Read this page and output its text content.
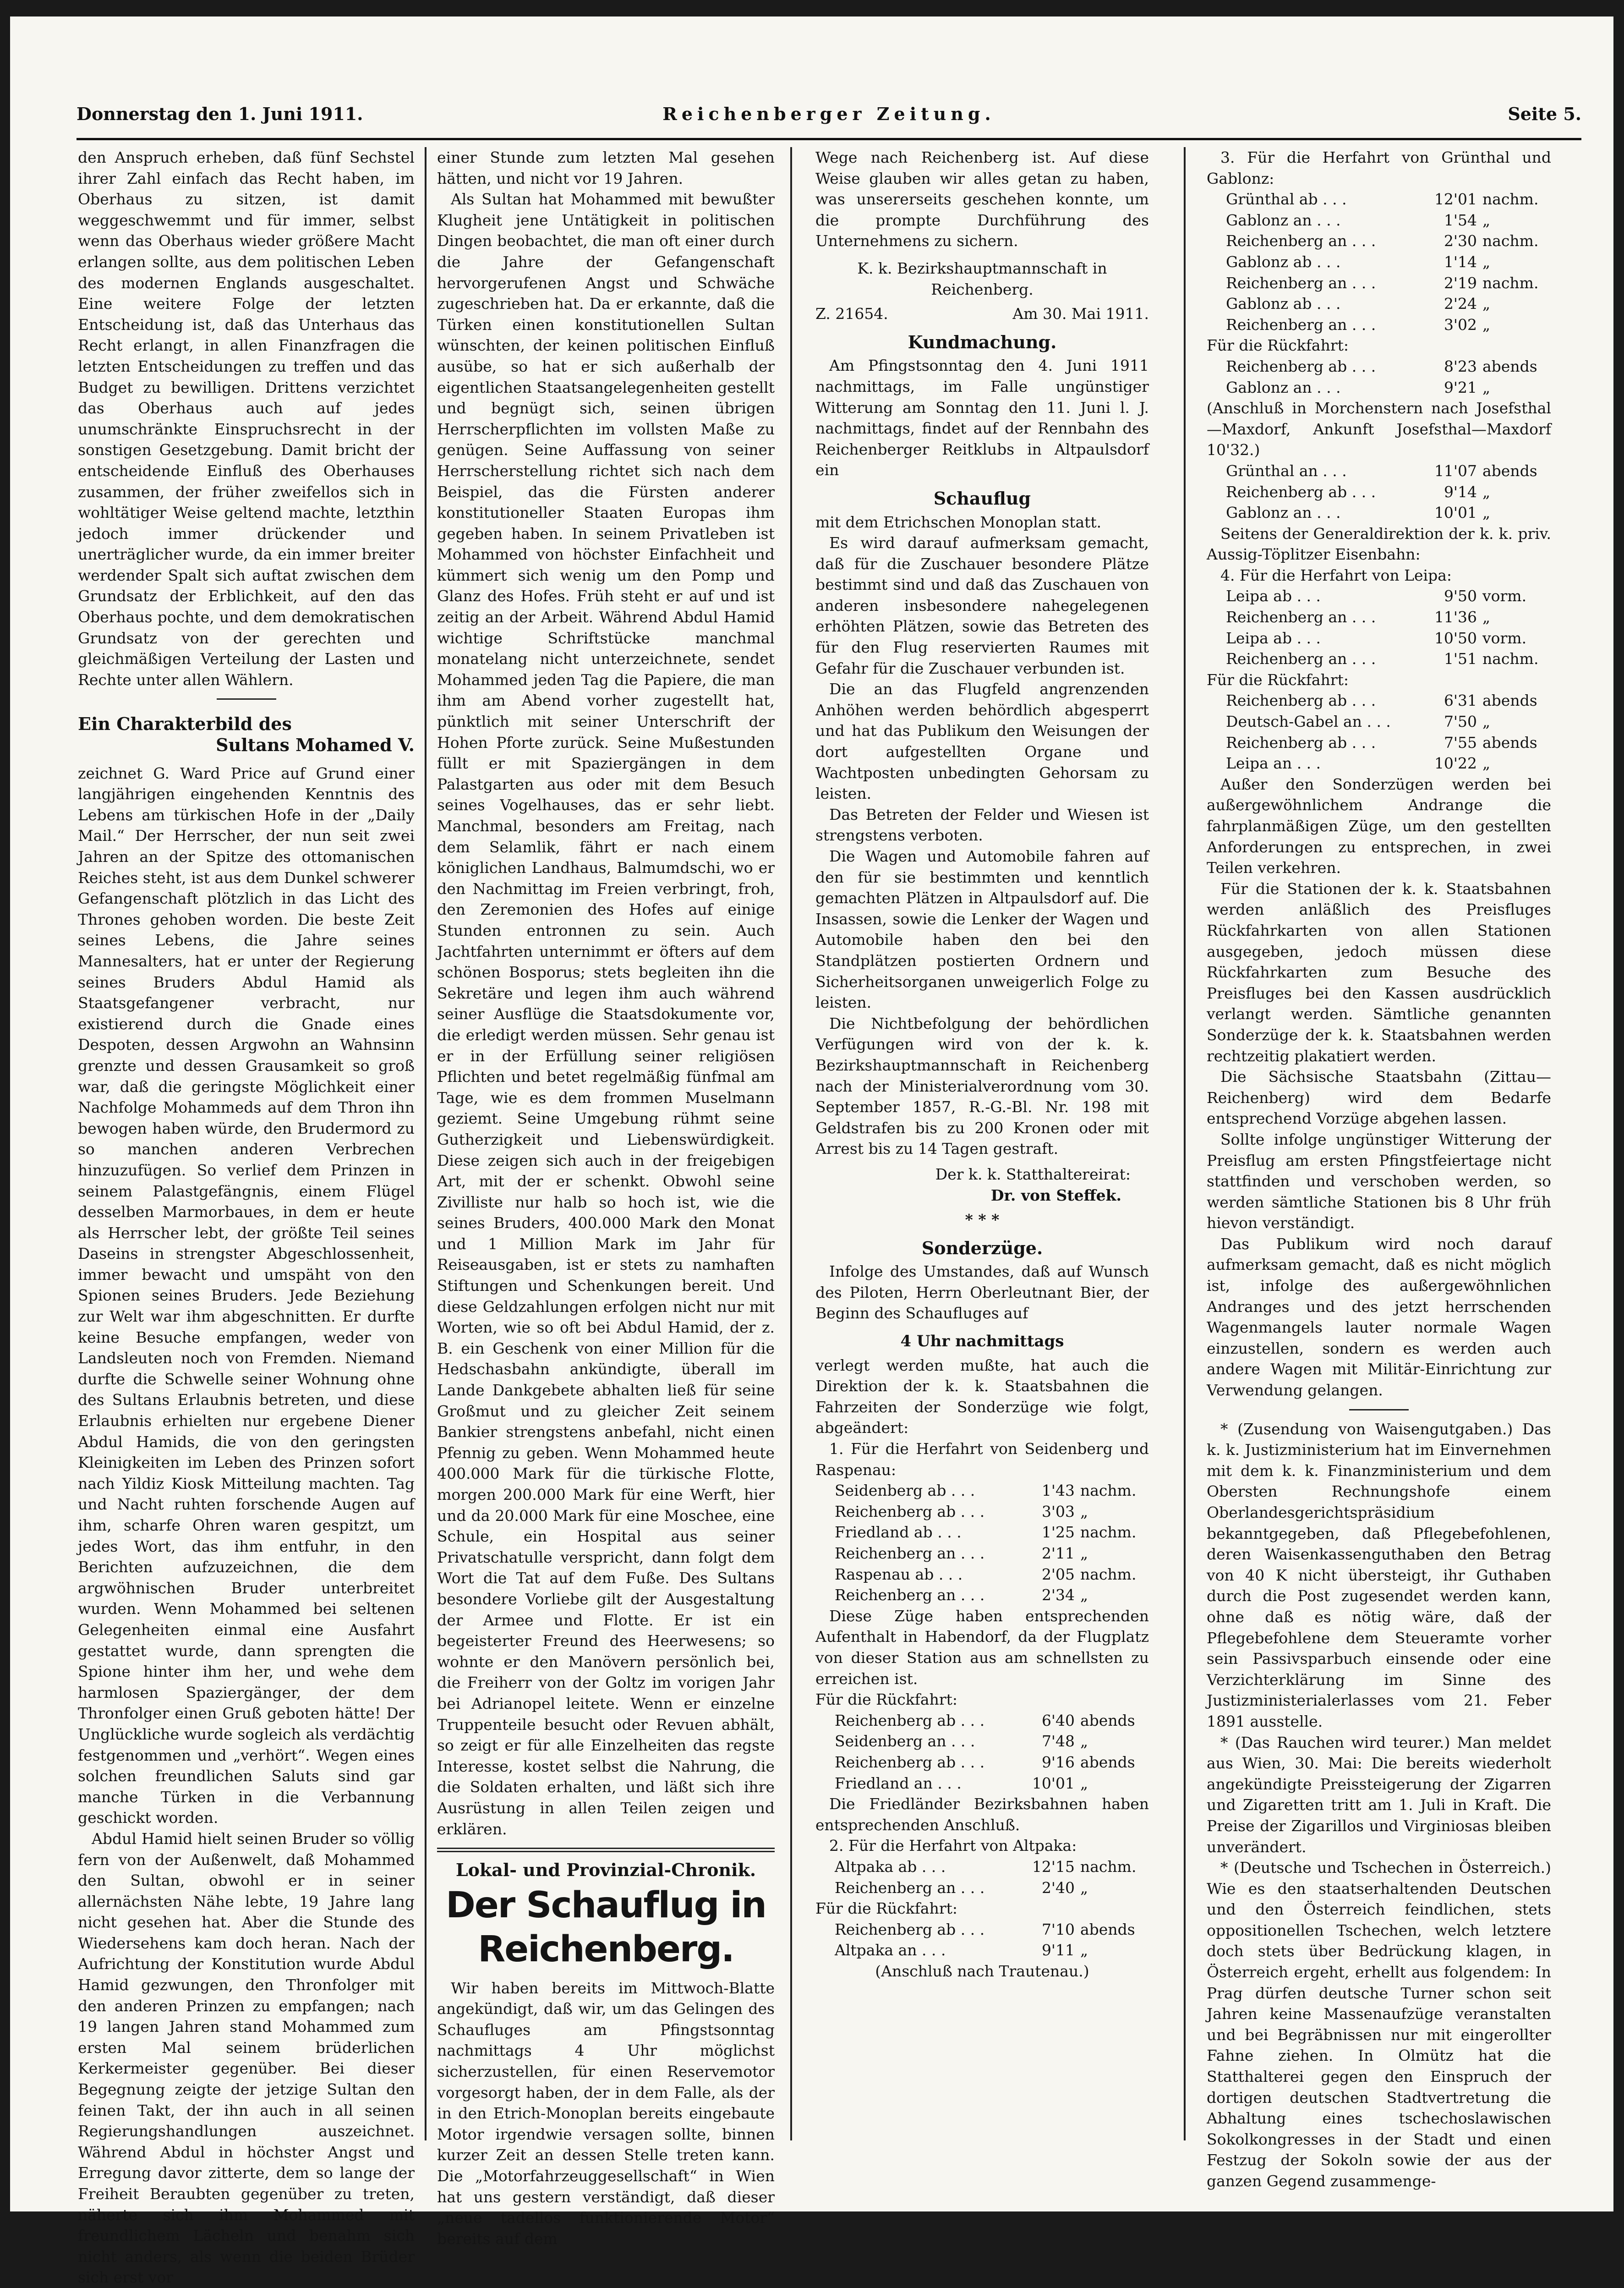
Donnerstag den 1. Juni 1911.	Reichenberger Zeitung.	Seite 5.

den Anspruch erheben, daß fünf Sechstel ihrer Zahl einfach das Recht haben, im Oberhaus zu sitzen, ist damit weggeschwemmt und für immer, selbst wenn das Oberhaus wieder größere Macht erlangen sollte, aus dem politischen Leben des modernen Englands ausgeschaltet. Eine weitere Folge der letzten Entscheidung ist, daß das Unterhaus das Recht erlangt, in allen Finanzfragen die letzten Entscheidungen zu treffen und das Budget zu bewilligen. Drittens verzichtet das Oberhaus auch auf jedes unumschränkte Einspruchsrecht in der sonstigen Gesetzgebung. Damit bricht der entscheidende Einfluß des Oberhauses zusammen, der früher zweifellos sich in wohltätiger Weise geltend machte, letzthin jedoch immer drückender und unerträglicher wurde, da ein immer breiter werdender Spalt sich auftat zwischen dem Grundsatz der Erblichkeit, auf den das Oberhaus pochte, und dem demokratischen Grundsatz von der gerechten und gleichmäßigen Verteilung der Lasten und Rechte unter allen Wählern.

Ein Charakterbild des

Sultans Mohamed V.

zeichnet G. Ward Price auf Grund einer langjährigen eingehenden Kenntnis des Lebens am türkischen Hofe in der „Daily Mail.“ Der Herrscher, der nun seit zwei Jahren an der Spitze des ottomanischen Reiches steht, ist aus dem Dunkel schwerer Gefangenschaft plötzlich in das Licht des Thrones gehoben worden. Die beste Zeit seines Lebens, die Jahre seines Mannesalters, hat er unter der Regierung seines Bruders Abdul Hamid als Staatsgefangener verbracht, nur existierend durch die Gnade eines Despoten, dessen Argwohn an Wahnsinn grenzte und dessen Grausamkeit so groß war, daß die geringste Möglichkeit einer Nachfolge Mohammeds auf dem Thron ihn bewogen haben würde, den Brudermord zu so manchen anderen Verbrechen hinzuzufügen. So verlief dem Prinzen in seinem Palastgefängnis, einem Flügel desselben Marmorbaues, in dem er heute als Herrscher lebt, der größte Teil seines Daseins in strengster Abgeschlossenheit, immer bewacht und umspäht von den Spionen seines Bruders. Jede Beziehung zur Welt war ihm abgeschnitten. Er durfte keine Besuche empfangen, weder von Landsleuten noch von Fremden. Niemand durfte die Schwelle seiner Wohnung ohne des Sultans Erlaubnis betreten, und diese Erlaubnis erhielten nur ergebene Diener Abdul Hamids, die von den geringsten Kleinigkeiten im Leben des Prinzen sofort nach Yildiz Kiosk Mitteilung machten. Tag und Nacht ruhten forschende Augen auf ihm, scharfe Ohren waren gespitzt, um jedes Wort, das ihm entfuhr, in den Berichten aufzuzeichnen, die dem argwöhnischen Bruder unterbreitet wurden. Wenn Mohammed bei seltenen Gelegenheiten einmal eine Ausfahrt gestattet wurde, dann sprengten die Spione hinter ihm her, und wehe dem harmlosen Spaziergänger, der dem Thronfolger einen Gruß geboten hätte! Der Unglückliche wurde sogleich als verdächtig festgenommen und „verhört“. Wegen eines solchen freundlichen Saluts sind gar manche Türken in die Verbannung geschickt worden.

Abdul Hamid hielt seinen Bruder so völlig fern von der Außenwelt, daß Mohammed den Sultan, obwohl er in seiner allernächsten Nähe lebte, 19 Jahre lang nicht gesehen hat. Aber die Stunde des Wiedersehens kam doch heran. Nach der Aufrichtung der Konstitution wurde Abdul Hamid gezwungen, den Thronfolger mit den anderen Prinzen zu empfangen; nach 19 langen Jahren stand Mohammed zum ersten Mal seinem brüderlichen Kerkermeister gegenüber. Bei dieser Begegnung zeigte der jetzige Sultan den feinen Takt, der ihn auch in all seinen Regierungshandlungen auszeichnet. Während Abdul in höchster Angst und Erregung davor zitterte, dem so lange der Freiheit Beraubten gegenüber zu treten, näherte sich ihm Mohammed mit freundlichem Lächeln und benahm sich nicht anders, als wenn die beiden Brüder sich erst vor

einer Stunde zum letzten Mal gesehen hätten, und nicht vor 19 Jahren.

Als Sultan hat Mohammed mit bewußter Klugheit jene Untätigkeit in politischen Dingen beobachtet, die man oft einer durch die Jahre der Gefangenschaft hervorgerufenen Angst und Schwäche zugeschrieben hat. Da er erkannte, daß die Türken einen konstitutionellen Sultan wünschten, der keinen politischen Einfluß ausübe, so hat er sich außerhalb der eigentlichen Staatsangelegenheiten gestellt und begnügt sich, seinen übrigen Herrscherpflichten im vollsten Maße zu genügen. Seine Auffassung von seiner Herrscherstellung richtet sich nach dem Beispiel, das die Fürsten anderer konstitutioneller Staaten Europas ihm gegeben haben. In seinem Privatleben ist Mohammed von höchster Einfachheit und kümmert sich wenig um den Pomp und Glanz des Hofes. Früh steht er auf und ist zeitig an der Arbeit. Während Abdul Hamid wichtige Schriftstücke manchmal monatelang nicht unterzeichnete, sendet Mohammed jeden Tag die Papiere, die man ihm am Abend vorher zugestellt hat, pünktlich mit seiner Unterschrift der Hohen Pforte zurück. Seine Mußestunden füllt er mit Spaziergängen in dem Palastgarten aus oder mit dem Besuch seines Vogelhauses, das er sehr liebt. Manchmal, besonders am Freitag, nach dem Selamlik, fährt er nach einem königlichen Landhaus, Balmumdschi, wo er den Nachmittag im Freien verbringt, froh, den Zeremonien des Hofes auf einige Stunden entronnen zu sein. Auch Jachtfahrten unternimmt er öfters auf dem schönen Bosporus; stets begleiten ihn die Sekretäre und legen ihm auch während seiner Ausflüge die Staatsdokumente vor, die erledigt werden müssen. Sehr genau ist er in der Erfüllung seiner religiösen Pflichten und betet regelmäßig fünfmal am Tage, wie es dem frommen Muselmann geziemt. Seine Umgebung rühmt seine Gutherzigkeit und Liebenswürdigkeit. Diese zeigen sich auch in der freigebigen Art, mit der er schenkt. Obwohl seine Zivilliste nur halb so hoch ist, wie die seines Bruders, 400.000 Mark den Monat und 1 Million Mark im Jahr für Reiseausgaben, ist er stets zu namhaften Stiftungen und Schenkungen bereit. Und diese Geldzahlungen erfolgen nicht nur mit Worten, wie so oft bei Abdul Hamid, der z. B. ein Geschenk von einer Million für die Hedschasbahn ankündigte, überall im Lande Dankgebete abhalten ließ für seine Großmut und zu gleicher Zeit seinem Bankier strengstens anbefahl, nicht einen Pfennig zu geben. Wenn Mohammed heute 400.000 Mark für die türkische Flotte, morgen 200.000 Mark für eine Werft, hier und da 20.000 Mark für eine Moschee, eine Schule, ein Hospital aus seiner Privatschatulle verspricht, dann folgt dem Wort die Tat auf dem Fuße. Des Sultans besondere Vorliebe gilt der Ausgestaltung der Armee und Flotte. Er ist ein begeisterter Freund des Heerwesens; so wohnte er den Manövern persönlich bei, die Freiherr von der Goltz im vorigen Jahr bei Adrianopel leitete. Wenn er einzelne Truppenteile besucht oder Revuen abhält, so zeigt er für alle Einzelheiten das regste Interesse, kostet selbst die Nahrung, die die Soldaten erhalten, und läßt sich ihre Ausrüstung in allen Teilen zeigen und erklären.

Lokal- und Provinzial-Chronik.

Der Schauflug in Reichenberg.

Wir haben bereits im Mittwoch-Blatte angekündigt, daß wir, um das Gelingen des Schaufluges am Pfingstsonntag nachmittags 4 Uhr möglichst sicherzustellen, für einen Reservemotor vorgesorgt haben, der in dem Falle, als der in den Etrich-Monoplan bereits eingebaute Motor irgendwie versagen sollte, binnen kurzer Zeit an dessen Stelle treten kann. Die „Motorfahrzeuggesellschaft“ in Wien hat uns gestern verständigt, daß dieser „neue tadellos funktionierende Motor“ bereits auf dem

Wege nach Reichenberg ist. Auf diese Weise glauben wir alles getan zu haben, was unsererseits geschehen konnte, um die prompte Durchführung des Unternehmens zu sichern.

K. k. Bezirkshauptmannschaft in Reichenberg.

Z. 21654.	Am 30. Mai 1911.

Kundmachung.

Am Pfingstsonntag den 4. Juni 1911 nachmittags, im Falle ungünstiger Witterung am Sonntag den 11. Juni l. J. nachmittags, findet auf der Rennbahn des Reichenberger Reitklubs in Altpaulsdorf ein

Schauflug

mit dem Etrichschen Monoplan statt.

Es wird darauf aufmerksam gemacht, daß für die Zuschauer besondere Plätze bestimmt sind und daß das Zuschauen von anderen insbesondere nahegelegenen erhöhten Plätzen, sowie das Betreten des für den Flug reservierten Raumes mit Gefahr für die Zuschauer verbunden ist.

Die an das Flugfeld angrenzenden Anhöhen werden behördlich abgesperrt und hat das Publikum den Weisungen der dort aufgestellten Organe und Wachtposten unbedingten Gehorsam zu leisten.

Das Betreten der Felder und Wiesen ist strengstens verboten.

Die Wagen und Automobile fahren auf den für sie bestimmten und kenntlich gemachten Plätzen in Altpaulsdorf auf. Die Insassen, sowie die Lenker der Wagen und Automobile haben den bei den Standplätzen postierten Ordnern und Sicherheitsorganen unweigerlich Folge zu leisten.

Die Nichtbefolgung der behördlichen Verfügungen wird von der k. k. Bezirkshauptmannschaft in Reichenberg nach der Ministerialverordnung vom 30. September 1857, R.-G.-Bl. Nr. 198 mit Geldstrafen bis zu 200 Kronen oder mit Arrest bis zu 14 Tagen gestraft.

Der k. k. Statthaltereirat:

Dr. von Steffek.

* * *

Sonderzüge.

Infolge des Umstandes, daß auf Wunsch des Piloten, Herrn Oberleutnant Bier, der Beginn des Schaufluges auf

4 Uhr nachmittags

verlegt werden mußte, hat auch die Direktion der k. k. Staatsbahnen die Fahrzeiten der Sonderzüge wie folgt, abgeändert:

1. Für die Herfahrt von Seidenberg und Raspenau:

Seidenberg ab . . .	1'43 nachm.
Reichenberg ab . . .	3'03 „
Friedland ab . . .	1'25 nachm.
Reichenberg an . . .	2'11 „
Raspenau ab . . .	2'05 nachm.
Reichenberg an . . .	2'34 „

Diese Züge haben entsprechenden Aufenthalt in Habendorf, da der Flugplatz von dieser Station aus am schnellsten zu erreichen ist.

Für die Rückfahrt:

Reichenberg ab . . .	6'40 abends
Seidenberg an . . .	7'48 „
Reichenberg ab . . .	9'16 abends
Friedland an . . .	10'01 „

Die Friedländer Bezirksbahnen haben entsprechenden Anschluß.

2. Für die Herfahrt von Altpaka:

Altpaka ab . . .	12'15 nachm.
Reichenberg an . . .	2'40 „

Für die Rückfahrt:

Reichenberg ab . . .	7'10 abends
Altpaka an . . .	9'11 „

(Anschluß nach Trautenau.)

3. Für die Herfahrt von Grünthal und Gablonz:

Grünthal ab . . .	12'01 nachm.
Gablonz an . . .	1'54 „
Reichenberg an . . .	2'30 nachm.
Gablonz ab . . .	1'14 „
Reichenberg an . . .	2'19 nachm.
Gablonz ab . . .	2'24 „
Reichenberg an . . .	3'02 „

Für die Rückfahrt:

Reichenberg ab . . .	8'23 abends
Gablonz an . . .	9'21 „

(Anschluß in Morchenstern nach Josefsthal—Maxdorf, Ankunft Josefsthal—Maxdorf 10'32.)

Grünthal an . . .	11'07 abends
Reichenberg ab . . .	9'14 „
Gablonz an . . .	10'01 „

Seitens der Generaldirektion der k. k. priv. Aussig-Töplitzer Eisenbahn:

4. Für die Herfahrt von Leipa:

Leipa ab . . .	9'50 vorm.
Reichenberg an . . .	11'36 „
Leipa ab . . .	10'50 vorm.
Reichenberg an . . .	1'51 nachm.

Für die Rückfahrt:

Reichenberg ab . . .	6'31 abends
Deutsch-Gabel an . . .	7'50 „
Reichenberg ab . . .	7'55 abends
Leipa an . . .	10'22 „

Außer den Sonderzügen werden bei außergewöhnlichem Andrange die fahrplanmäßigen Züge, um den gestellten Anforderungen zu entsprechen, in zwei Teilen verkehren.

Für die Stationen der k. k. Staatsbahnen werden anläßlich des Preisfluges Rückfahrkarten von allen Stationen ausgegeben, jedoch müssen diese Rückfahrkarten zum Besuche des Preisfluges bei den Kassen ausdrücklich verlangt werden. Sämtliche genannten Sonderzüge der k. k. Staatsbahnen werden rechtzeitig plakatiert werden.

Die Sächsische Staatsbahn (Zittau—Reichenberg) wird dem Bedarfe entsprechend Vorzüge abgehen lassen.

Sollte infolge ungünstiger Witterung der Preisflug am ersten Pfingstfeiertage nicht stattfinden und verschoben werden, so werden sämtliche Stationen bis 8 Uhr früh hievon verständigt.

Das Publikum wird noch darauf aufmerksam gemacht, daß es nicht möglich ist, infolge des außergewöhnlichen Andranges und des jetzt herrschenden Wagenmangels lauter normale Wagen einzustellen, sondern es werden auch andere Wagen mit Militär-Einrichtung zur Verwendung gelangen.

* (Zusendung von Waisengutgaben.) Das k. k. Justizministerium hat im Einvernehmen mit dem k. k. Finanzministerium und dem Obersten Rechnungshofe einem Oberlandesgerichtspräsidium bekanntgegeben, daß Pflegebefohlenen, deren Waisenkassenguthaben den Betrag von 40 K nicht übersteigt, ihr Guthaben durch die Post zugesendet werden kann, ohne daß es nötig wäre, daß der Pflegebefohlene dem Steueramte vorher sein Passivsparbuch einsende oder eine Verzichterklärung im Sinne des Justizministerialerlasses vom 21. Feber 1891 ausstelle.

* (Das Rauchen wird teurer.) Man meldet aus Wien, 30. Mai: Die bereits wiederholt angekündigte Preissteigerung der Zigarren und Zigaretten tritt am 1. Juli in Kraft. Die Preise der Zigarillos und Virginiosas bleiben unverändert.

* (Deutsche und Tschechen in Österreich.) Wie es den staatserhaltenden Deutschen und den Österreich feindlichen, stets oppositionellen Tschechen, welch letztere doch stets über Bedrückung klagen, in Österreich ergeht, erhellt aus folgendem: In Prag dürfen deutsche Turner schon seit Jahren keine Massenaufzüge veranstalten und bei Begräbnissen nur mit eingerollter Fahne ziehen. In Olmütz hat die Statthalterei gegen den Einspruch der dortigen deutschen Stadtvertretung die Abhaltung eines tschechoslawischen Sokolkongresses in der Stadt und einen Festzug der Sokoln sowie der aus der ganzen Gegend zusammenge-
